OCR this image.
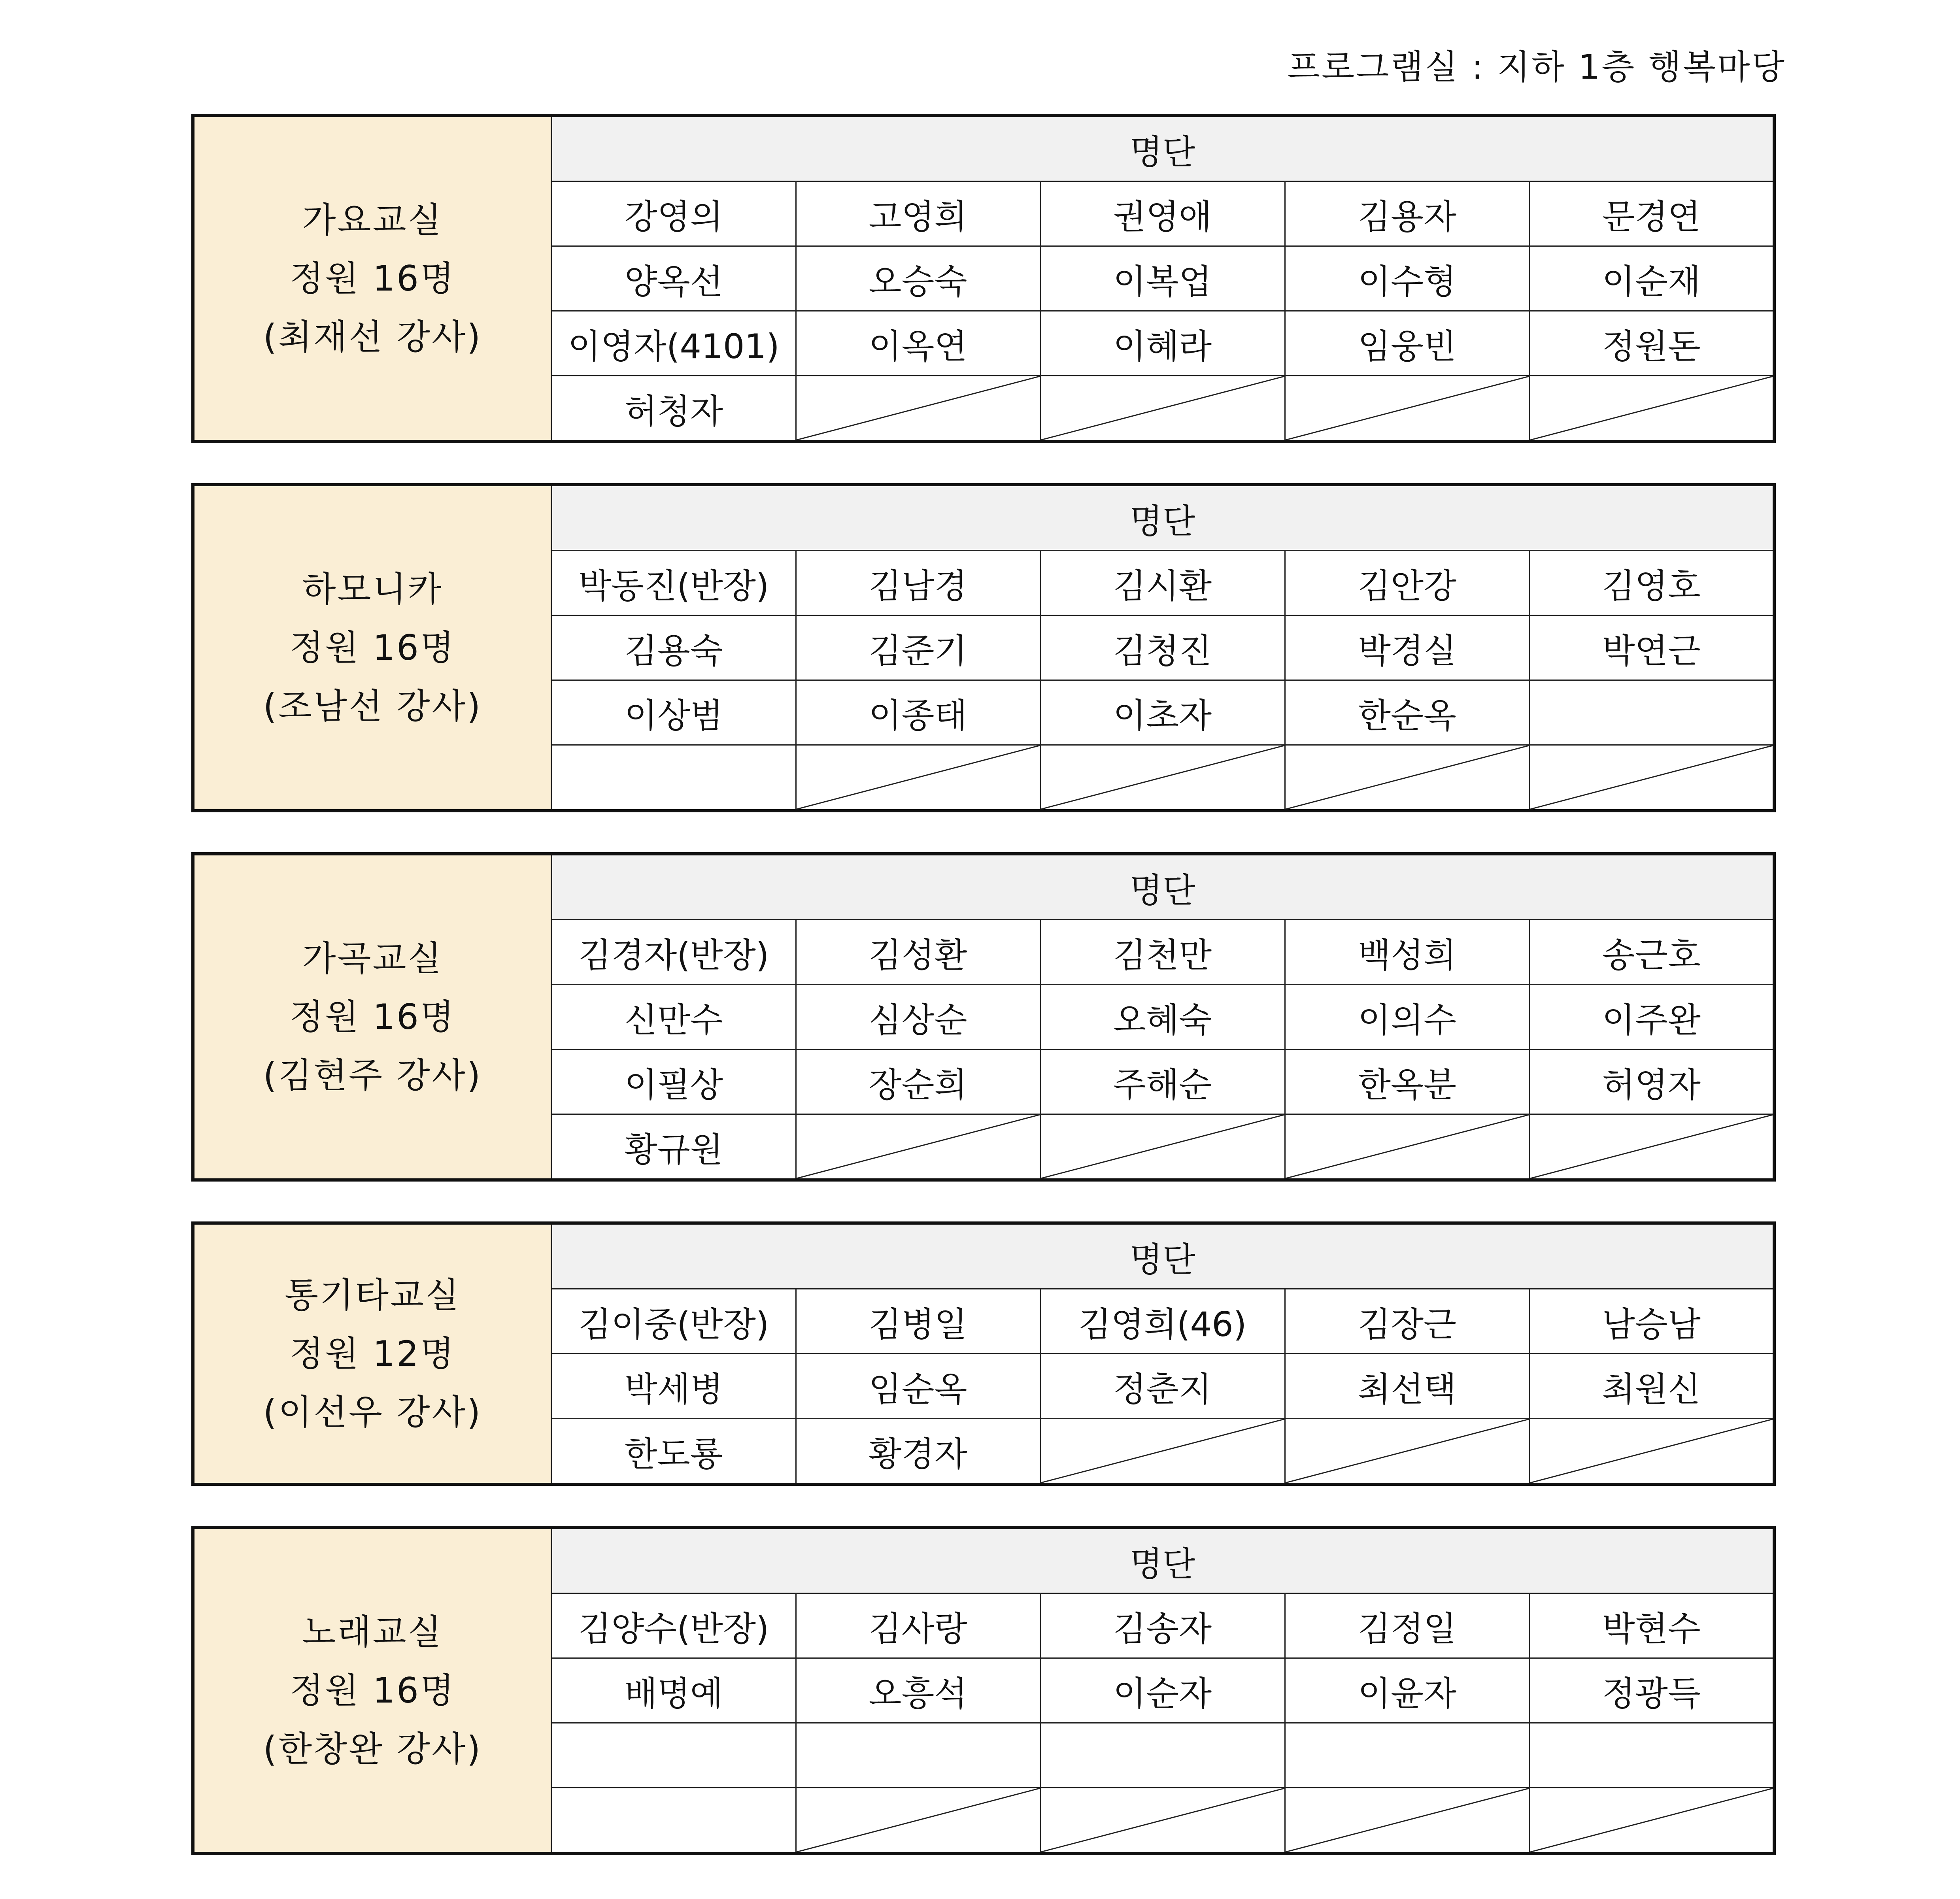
프로그램실 : 지하 1층 행복마당
가요교실
정원 16명
(최재선 강사)	명단				
	강영의	고영희	권영애	김용자	문경연
	양옥선	오승숙	이복업	이수형	이순재
	이영자(4101)	이옥연	이혜라	임웅빈	정원돈
	허청자	

하모니카
정원 16명
(조남선 강사)	명단				
	박동진(반장)	김남경	김시환	김안강	김영호
	김용숙	김준기	김청진	박경실	박연근
	이상범	이종태	이초자	한순옥	

가곡교실
정원 16명
(김현주 강사)	명단				
	김경자(반장)	김성환	김천만	백성희	송근호
	신만수	심상순	오혜숙	이의수	이주완
	이필상	장순희	주해순	한옥분	허영자
	황규원	

통기타교실
정원 12명
(이선우 강사)	명단				
	김이중(반장)	김병일	김영희(46)	김장근	남승남
	박세병	임순옥	정춘지	최선택	최원신
	한도룡	황경자	

노래교실
정원 16명
(한창완 강사)	명단				
	김양수(반장)	김사랑	김송자	김정일	박현수
	배명예	오흥석	이순자	이윤자	정광득
